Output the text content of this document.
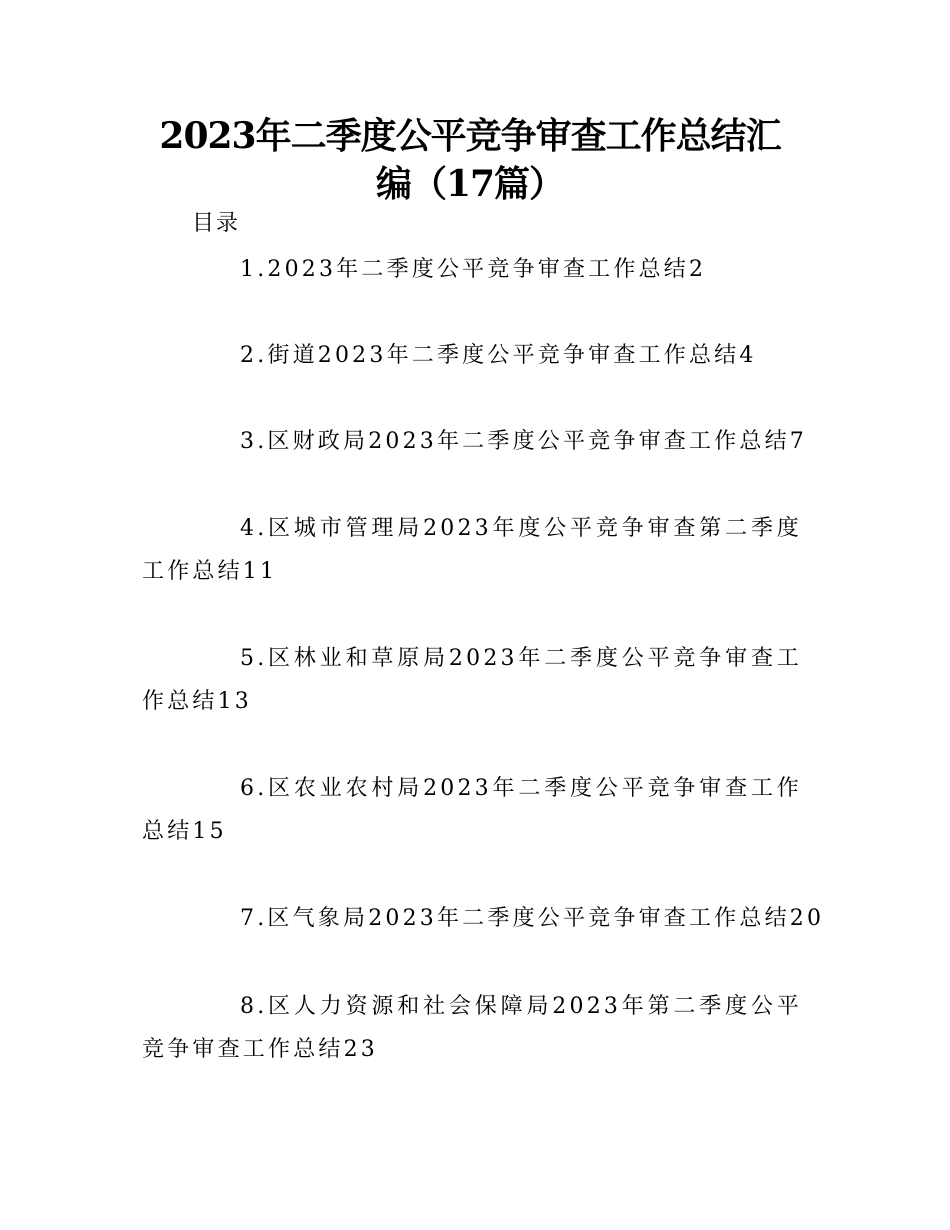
2023年二季度公平竞争审查工作总结汇
编（17篇）
目录
1.2023年二季度公平竞争审查工作总结2
2.街道2023年二季度公平竞争审查工作总结4
3.区财政局2023年二季度公平竞争审查工作总结7
4.区城市管理局2023年度公平竞争审查第二季度工作总结11
5.区林业和草原局2023年二季度公平竞争审查工作总结13
6.区农业农村局2023年二季度公平竞争审查工作总结15
7.区气象局2023年二季度公平竞争审查工作总结20
8.区人力资源和社会保障局2023年第二季度公平竞争审查工作总结23
